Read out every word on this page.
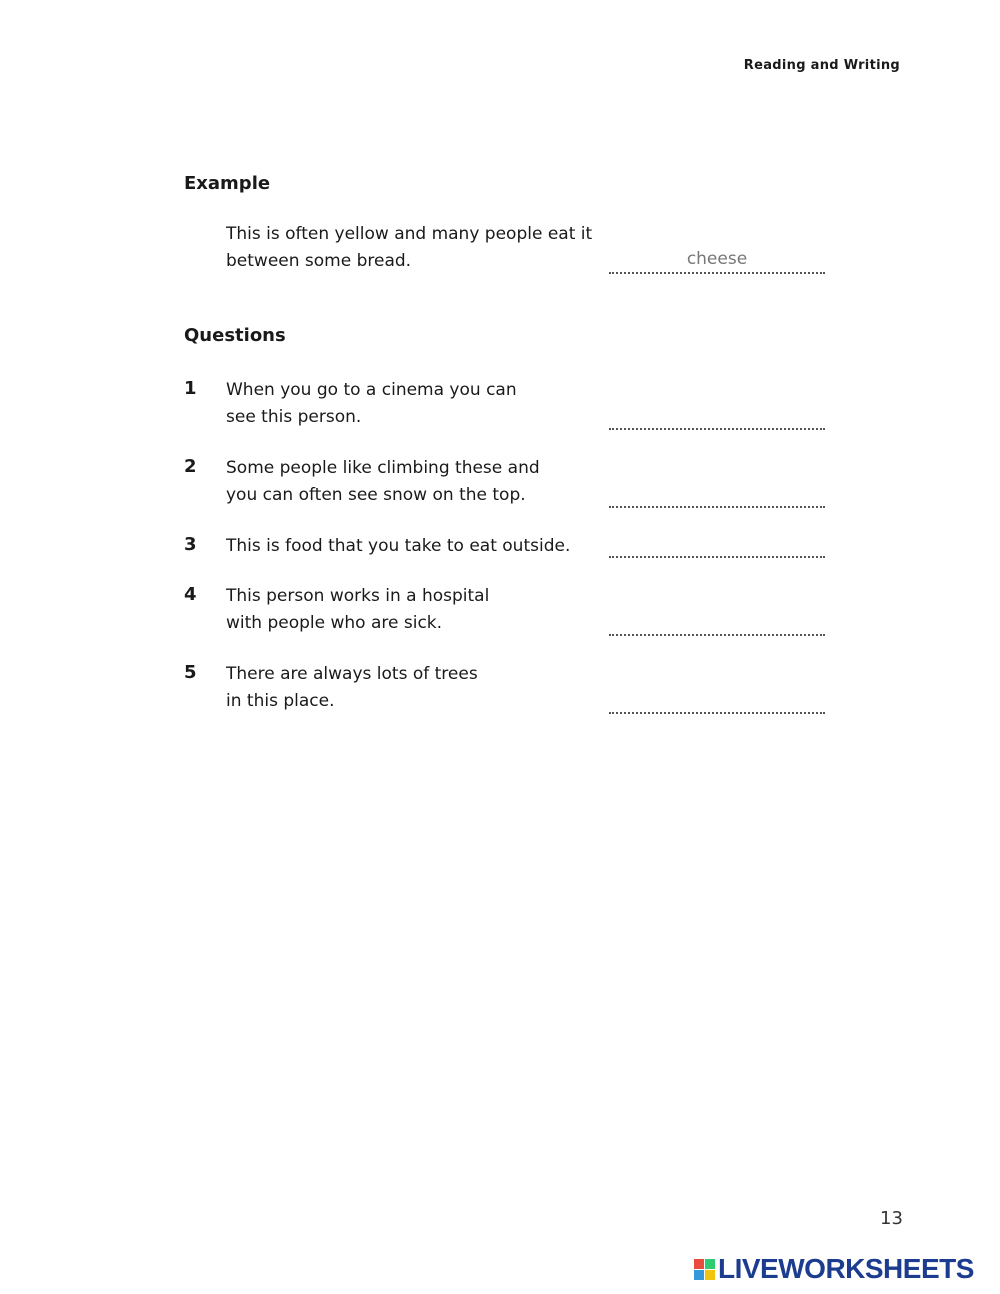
Reading and Writing
Example
This is often yellow and many people eat it
between some bread.
cheese
Questions
1 When you go to a cinema you can
see this person.
2 Some people like climbing these and
you can often see snow on the top.
3 This is food that you take to eat outside.
4 This person works in a hospital
with people who are sick.
5 There are always lots of trees
in this place.
13
LIVEWORKSHEETS
